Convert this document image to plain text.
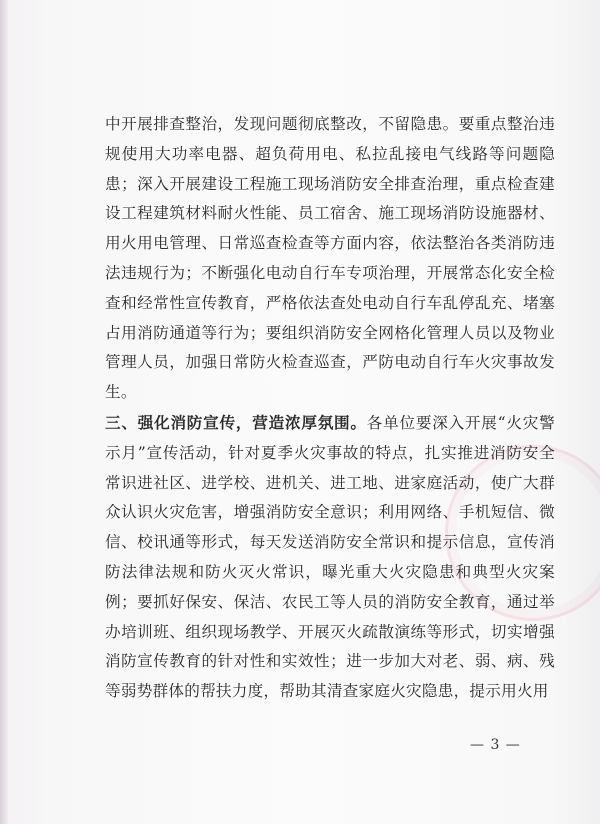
中开展排查整治，发现问题彻底整改，不留隐患。要重点整治违规使用大功率电器、超负荷用电、私拉乱接电气线路等问题隐患；深入开展建设工程施工现场消防安全排查治理，重点检查建设工程建筑材料耐火性能、员工宿舍、施工现场消防设施器材、用火用电管理、日常巡查检查等方面内容，依法整治各类消防违法违规行为；不断强化电动自行车专项治理，开展常态化安全检查和经常性宣传教育，严格依法查处电动自行车乱停乱充、堵塞占用消防通道等行为；要组织消防安全网格化管理人员以及物业管理人员，加强日常防火检查巡查，严防电动自行车火灾事故发生。

三、强化消防宣传，营造浓厚氛围。各单位要深入开展“火灾警示月”宣传活动，针对夏季火灾事故的特点，扎实推进消防安全常识进社区、进学校、进机关、进工地、进家庭活动，使广大群众认识火灾危害，增强消防安全意识；利用网络、手机短信、微信、校讯通等形式，每天发送消防安全常识和提示信息，宣传消防法律法规和防火灭火常识，曝光重大火灾隐患和典型火灾案例；要抓好保安、保洁、农民工等人员的消防安全教育，通过举办培训班、组织现场教学、开展灭火疏散演练等形式，切实增强消防宣传教育的针对性和实效性；进一步加大对老、弱、病、残等弱势群体的帮扶力度，帮助其清查家庭火灾隐患，提示用火用

— 3 —
